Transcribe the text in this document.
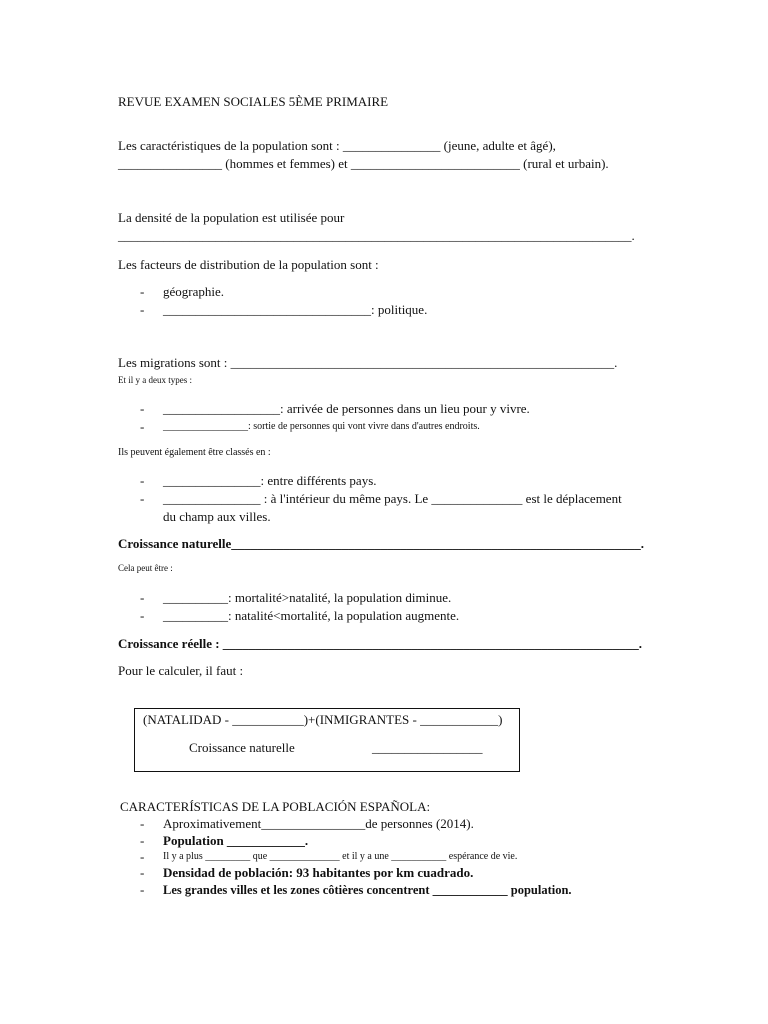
REVUE EXAMEN SOCIALES 5ÈME PRIMAIRE
Les caractéristiques de la population sont : _______________ (jeune, adulte et âgé),
________________ (hommes et femmes) et __________________________ (rural et urbain).
La densité de la population est utilisée pour
_______________________________________________________________________________.
Les facteurs de distribution de la population sont :
- géographie.
- ________________________________: politique.
Les migrations sont : ___________________________________________________________.
Et il y a deux types :
- __________________: arrivée de personnes dans un lieu pour y vivre.
- _________________: sortie de personnes qui vont vivre dans d'autres endroits.
Ils peuvent également être classés en :
- _______________: entre différents pays.
- _______________ : à l'intérieur du même pays. Le ______________ est le déplacement
du champ aux villes.
Croissance naturelle_______________________________________________________________.
Cela peut être :
- __________: mortalité>natalité, la population diminue.
- __________: natalité<mortalité, la population augmente.
Croissance réelle : ________________________________________________________________.
Pour le calculer, il faut :
(NATALIDAD - ___________)+(INMIGRANTES - ____________)
Croissance naturelle	_________________
CARACTERÍSTICAS DE LA POBLACIÓN ESPAÑOLA:
- Aproximativement________________de personnes (2014).
- Population ____________.
- Il y a plus _________ que ______________ et il y a une ___________ espérance de vie.
- Densidad de población: 93 habitantes por km cuadrado.
- Les grandes villes et les zones côtières concentrent ____________ population.
